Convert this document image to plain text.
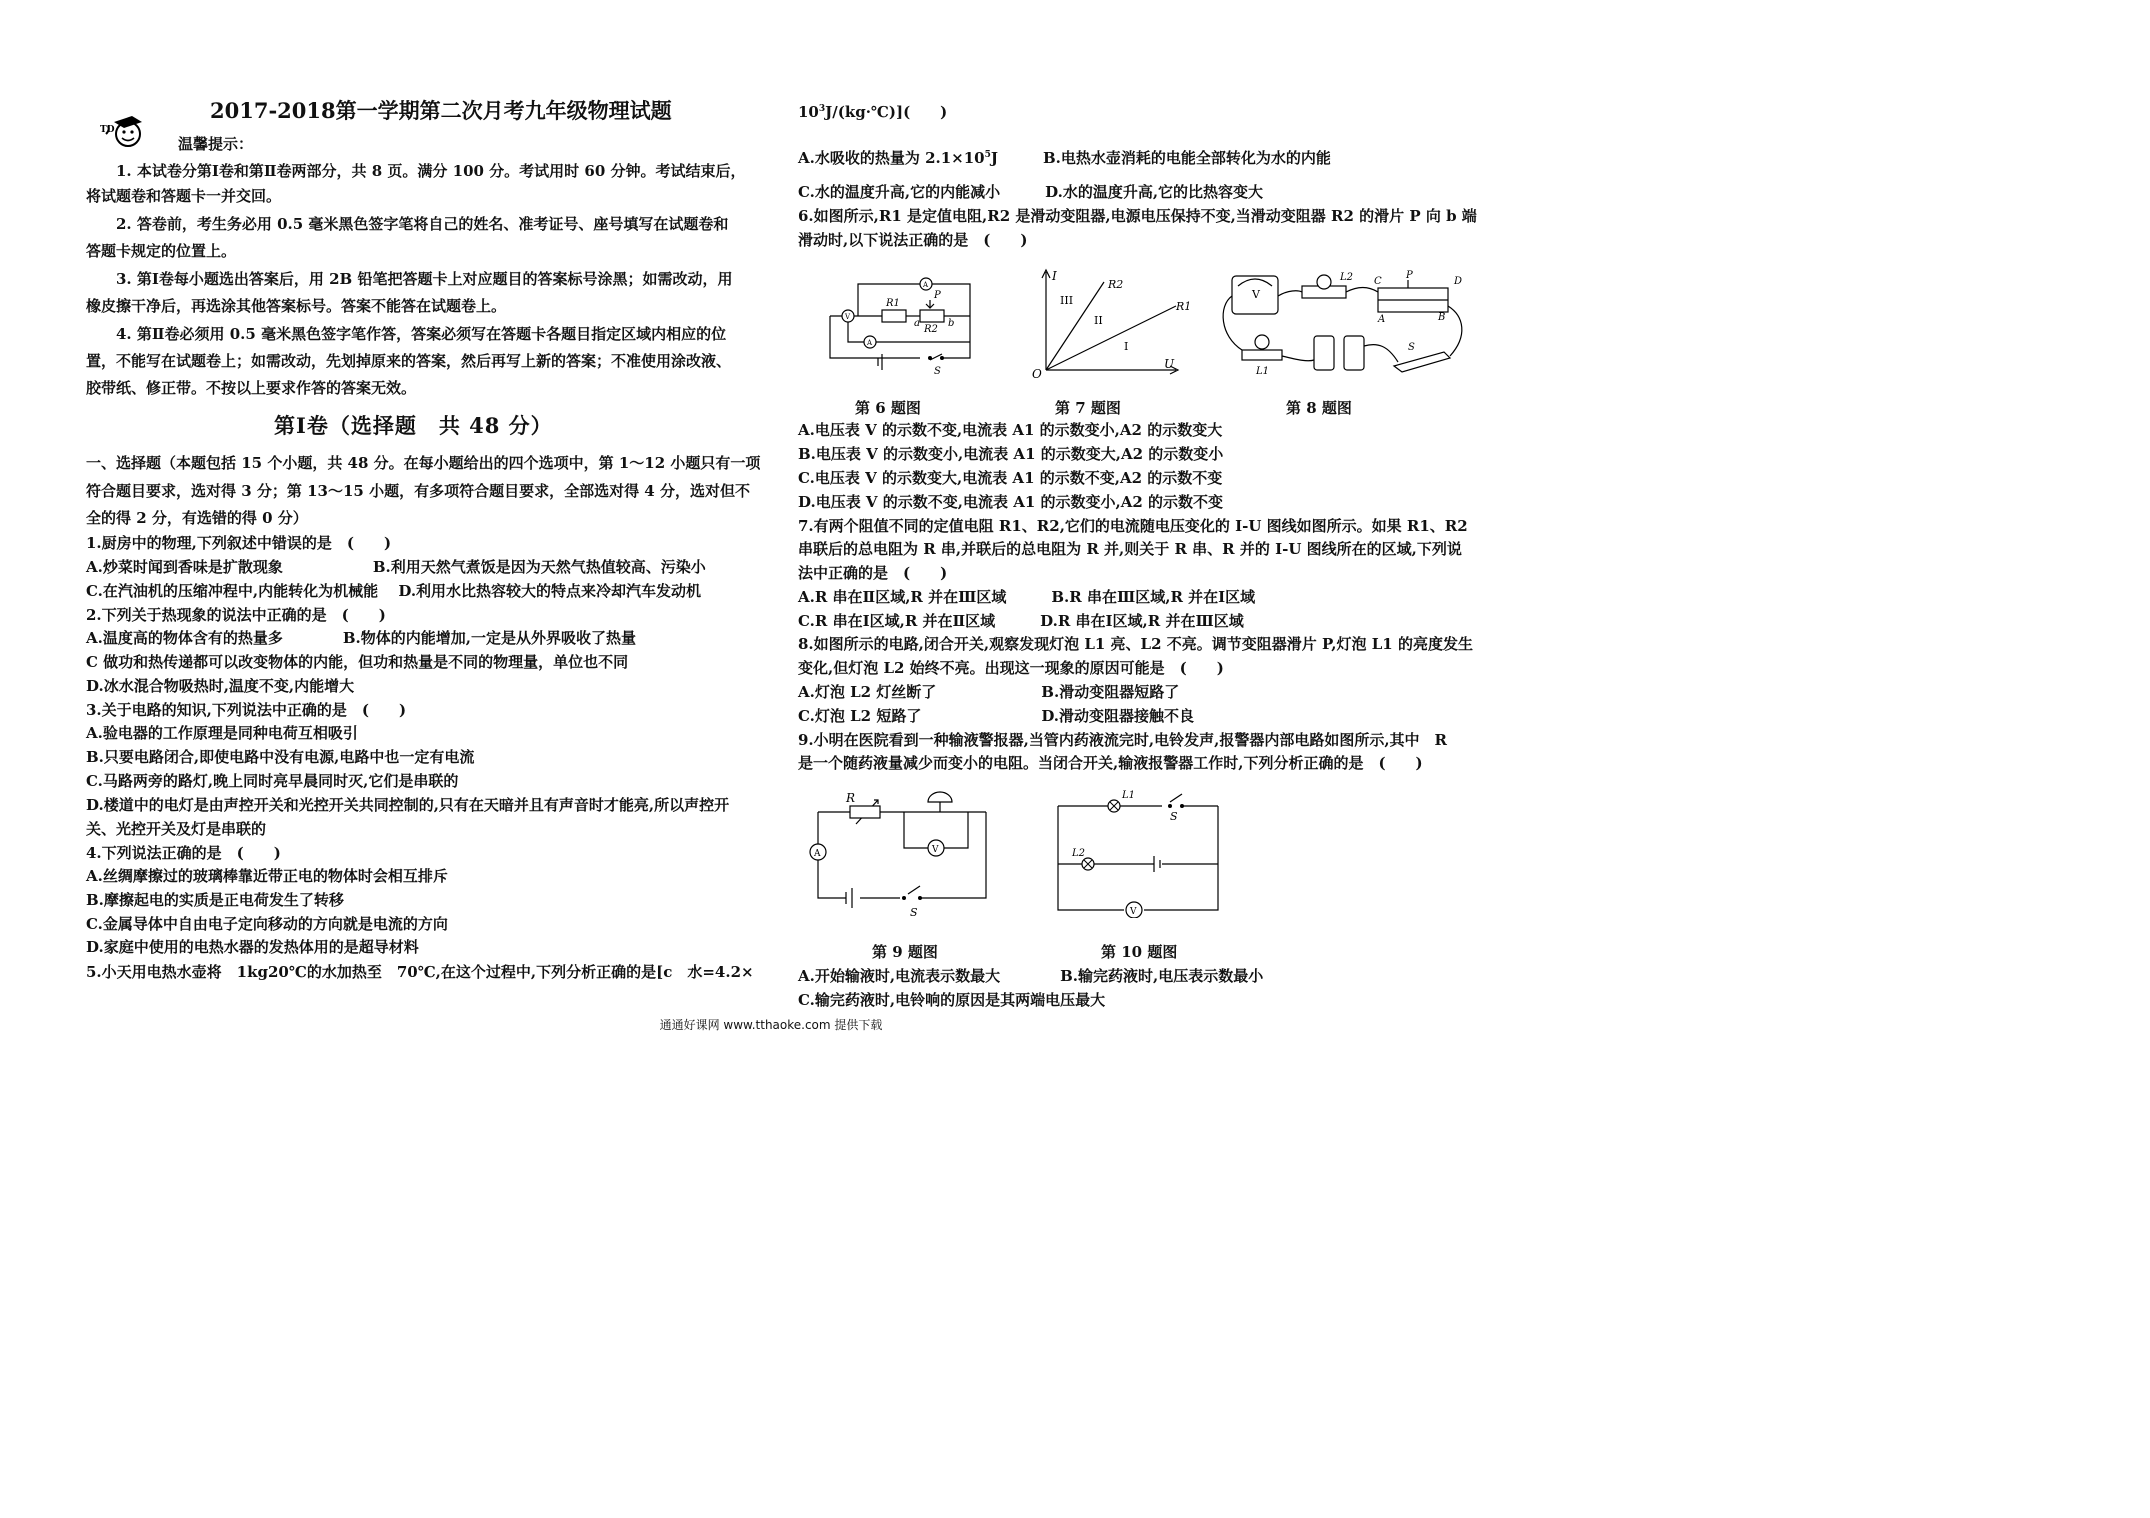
TD
2017-2018第一学期第二次月考九年级物理试题
温馨提示：
1. 本试卷分第Ⅰ卷和第Ⅱ卷两部分，共 8 页。满分 100 分。考试用时 60 分钟。考试结束后，
将试题卷和答题卡一并交回。
2. 答卷前，考生务必用 0.5 毫米黑色签字笔将自己的姓名、准考证号、座号填写在试题卷和
答题卡规定的位置上。
3. 第Ⅰ卷每小题选出答案后，用 2B 铅笔把答题卡上对应题目的答案标号涂黑；如需改动，用
橡皮擦干净后，再选涂其他答案标号。答案不能答在试题卷上。
4. 第Ⅱ卷必须用 0.5 毫米黑色签字笔作答，答案必须写在答题卡各题目指定区域内相应的位
置，不能写在试题卷上；如需改动，先划掉原来的答案，然后再写上新的答案；不准使用涂改液、
胶带纸、修正带。不按以上要求作答的答案无效。
第Ⅰ卷（选择题　共 48 分）
一、选择题（本题包括 15 个小题，共 48 分。在每小题给出的四个选项中，第 1～12 小题只有一项
符合题目要求，选对得 3 分；第 13～15 小题，有多项符合题目要求，全部选对得 4 分，选对但不
全的得 2 分，有选错的得 0 分）
1.厨房中的物理,下列叙述中错误的是　(　　)
A.炒菜时闻到香味是扩散现象　　　　　　B.利用天然气煮饭是因为天然气热值较高、污染小
C.在汽油机的压缩冲程中,内能转化为机械能　 D.利用水比热容较大的特点来冷却汽车发动机
2.下列关于热现象的说法中正确的是　(　　)
A.温度高的物体含有的热量多　　　　B.物体的内能增加,一定是从外界吸收了热量
C 做功和热传递都可以改变物体的内能，但功和热量是不同的物理量，单位也不同
D.冰水混合物吸热时,温度不变,内能增大
3.关于电路的知识,下列说法中正确的是　(　　)
A.验电器的工作原理是同种电荷互相吸引
B.只要电路闭合,即使电路中没有电源,电路中也一定有电流
C.马路两旁的路灯,晚上同时亮早晨同时灭,它们是串联的
D.楼道中的电灯是由声控开关和光控开关共同控制的,只有在天暗并且有声音时才能亮,所以声控开
关、光控开关及灯是串联的
4.下列说法正确的是　(　　)
A.丝绸摩擦过的玻璃棒靠近带正电的物体时会相互排斥
B.摩擦起电的实质是正电荷发生了转移
C.金属导体中自由电子定向移动的方向就是电流的方向
D.家庭中使用的电热水器的发热体用的是超导材料
5.小天用电热水壶将　1kg20℃的水加热至　70℃,在这个过程中,下列分析正确的是[c　水=4.2×
$10^3J/(kg\cdot℃)$](　　)
A.水吸收的热量为 $2.1\times 10^5J$　　　B.电热水壶消耗的电能全部转化为水的内能
C.水的温度升高,它的内能减小　　　D.水的温度升高,它的比热容变大
6.如图所示,R1 是定值电阻,R2 是滑动变阻器,电源电压保持不变,当滑动变阻器 R2 的滑片 P 向 b 端
滑动时,以下说法正确的是　(　　)
A.电压表 V 的示数不变,电流表 A1 的示数变小,A2 的示数变大
B.电压表 V 的示数变小,电流表 A1 的示数变大,A2 的示数变小
C.电压表 V 的示数变大,电流表 A1 的示数不变,A2 的示数不变
D.电压表 V 的示数不变,电流表 A1 的示数变小,A2 的示数不变
7.有两个阻值不同的定值电阻 R1、R2,它们的电流随电压变化的 I-U 图线如图所示。如果 R1、R2
串联后的总电阻为 R 串,并联后的总电阻为 R 并,则关于 R 串、R 并的 I-U 图线所在的区域,下列说
法中正确的是　(　　)
A.R 串在Ⅱ区域,R 并在Ⅲ区域　　　B.R 串在Ⅲ区域,R 并在Ⅰ区域
C.R 串在Ⅰ区域,R 并在Ⅱ区域　　　D.R 串在Ⅰ区域,R 并在Ⅲ区域
8.如图所示的电路,闭合开关,观察发现灯泡 L1 亮、L2 不亮。调节变阻器滑片 P,灯泡 L1 的亮度发生
变化,但灯泡 L2 始终不亮。出现这一现象的原因可能是　(　　)
A.灯泡 L2 灯丝断了　　　　　　　B.滑动变阻器短路了
C.灯泡 L2 短路了　　　　　　　　D.滑动变阻器接触不良
9.小明在医院看到一种输液警报器,当管内药液流完时,电铃发声,报警器内部电路如图所示,其中　R
是一个随药液量减少而变小的电阻。当闭合开关,输液报警器工作时,下列分析正确的是　(　　)
A.开始输液时,电流表示数最大　　　　B.输完药液时,电压表示数最小
C.输完药液时,电铃响的原因是其两端电压最大
R1
R2
P
a	b
S
V
A
A
I
O
U
R2
R1
III
II
I
V
L2
L1
C
P
D
A	B
S
第 6 题图	第 7 题图	第 8 题图
R
S
A	V
L1
L2
S
V
第 9 题图	第 10 题图
通通好课网 www.tthaoke.com 提供下载
